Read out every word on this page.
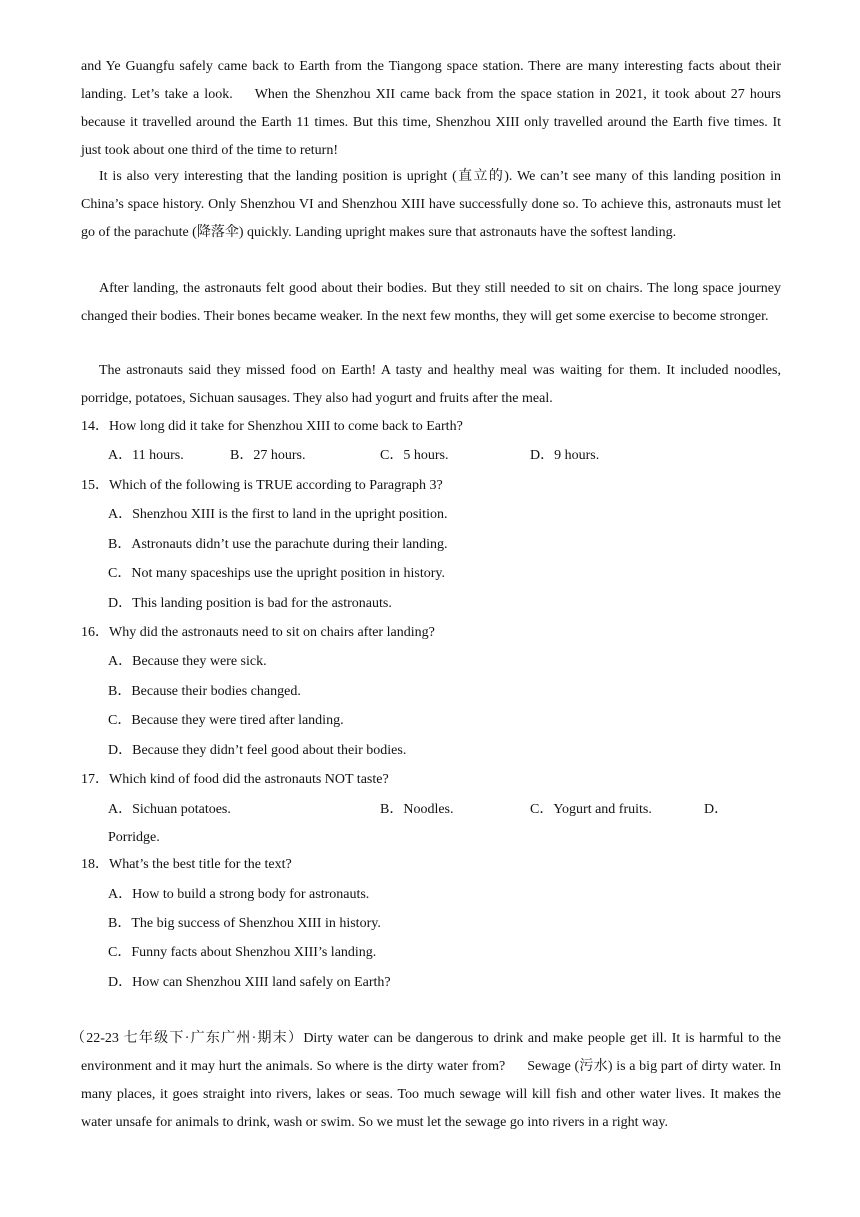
and Ye Guangfu safely came back to Earth from the Tiangong space station. There are many interesting facts about their landing. Let’s take a look. When the Shenzhou XII came back from the space station in 2021, it took about 27 hours because it travelled around the Earth 11 times. But this time, Shenzhou XIII only travelled around the Earth five times. It just took about one third of the time to return!

It is also very interesting that the landing position is upright (直立的). We can’t see many of this landing position in China’s space history. Only Shenzhou VI and Shenzhou XIII have successfully done so. To achieve this, astronauts must let go of the parachute (降落伞) quickly. Landing upright makes sure that astronauts have the softest landing.

After landing, the astronauts felt good about their bodies. But they still needed to sit on chairs. The long space journey changed their bodies. Their bones became weaker. In the next few months, they will get some exercise to become stronger.

The astronauts said they missed food on Earth! A tasty and healthy meal was waiting for them. It included noodles, porridge, potatoes, Sichuan sausages. They also had yogurt and fruits after the meal.

14．How long did it take for Shenzhou XIII to come back to Earth?
A．11 hours.	B．27 hours.	C．5 hours.	D．9 hours.
15．Which of the following is TRUE according to Paragraph 3?
A．Shenzhou XIII is the first to land in the upright position.
B．Astronauts didn’t use the parachute during their landing.
C．Not many spaceships use the upright position in history.
D．This landing position is bad for the astronauts.
16．Why did the astronauts need to sit on chairs after landing?
A．Because they were sick.
B．Because their bodies changed.
C．Because they were tired after landing.
D．Because they didn’t feel good about their bodies.
17．Which kind of food did the astronauts NOT taste?
A．Sichuan potatoes.	B．Noodles.	C．Yogurt and fruits.	D．
Porridge.
18．What’s the best title for the text?
A．How to build a strong body for astronauts.
B．The big success of Shenzhou XIII in history.
C．Funny facts about Shenzhou XIII’s landing.
D．How can Shenzhou XIII land safely on Earth?

（22-23 七年级下·广东广州·期末）Dirty water can be dangerous to drink and make people get ill. It is harmful to the environment and it may hurt the animals. So where is the dirty water from? Sewage (污水) is a big part of dirty water. In many places, it goes straight into rivers, lakes or seas. Too much sewage will kill fish and other water lives. It makes the water unsafe for animals to drink, wash or swim. So we must let the sewage go into rivers in a right way.
